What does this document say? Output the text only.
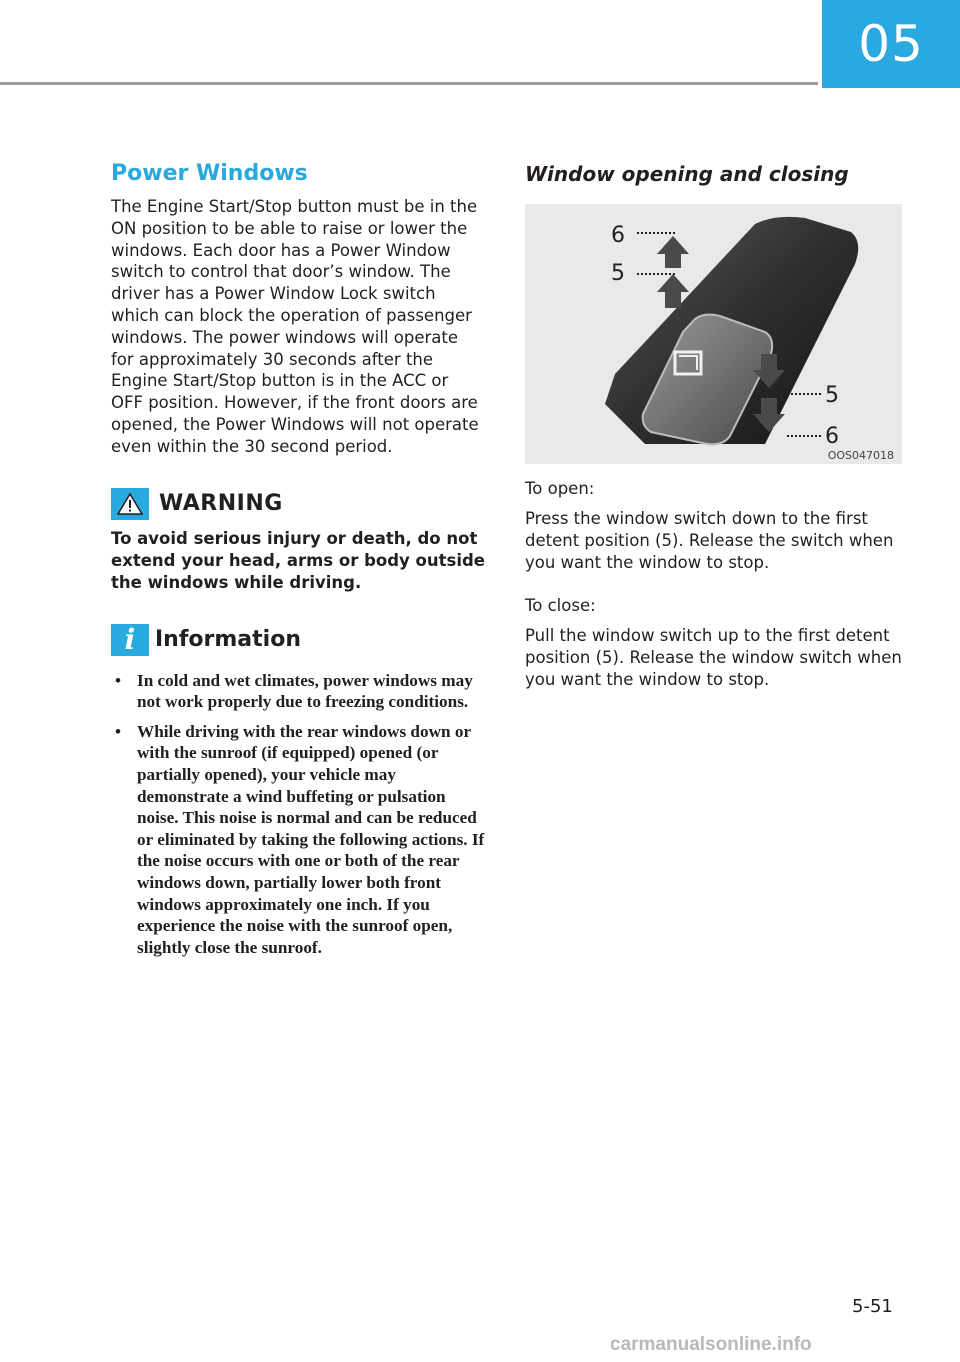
05
Power Windows

The Engine Start/Stop button must be in the ON position to be able to raise or lower the windows. Each door has a Power Window switch to control that door’s window. The driver has a Power Window Lock switch which can block the operation of passenger windows. The power windows will operate for approximately 30 seconds after the Engine Start/Stop button is in the ACC or OFF position. However, if the front doors are opened, the Power Windows will not operate even within the 30 second period.

WARNING

To avoid serious injury or death, do not extend your head, arms or body outside the windows while driving.

i Information
• In cold and wet climates, power windows may not work properly due to freezing conditions.
• While driving with the rear windows down or with the sunroof (if equipped) opened (or partially opened), your vehicle may demonstrate a wind buffeting or pulsation noise. This noise is normal and can be reduced or eliminated by taking the following actions. If the noise occurs with one or both of the rear windows down, partially lower both front windows approximately one inch. If you experience the noise with the sunroof open, slightly close the sunroof.
Window opening and closing
6
5
5
6
OOS047018

To open:

Press the window switch down to the first detent position (5). Release the switch when you want the window to stop.

To close:

Pull the window switch up to the first detent position (5). Release the window switch when you want the window to stop.

5-51
carmanualsonline.info
